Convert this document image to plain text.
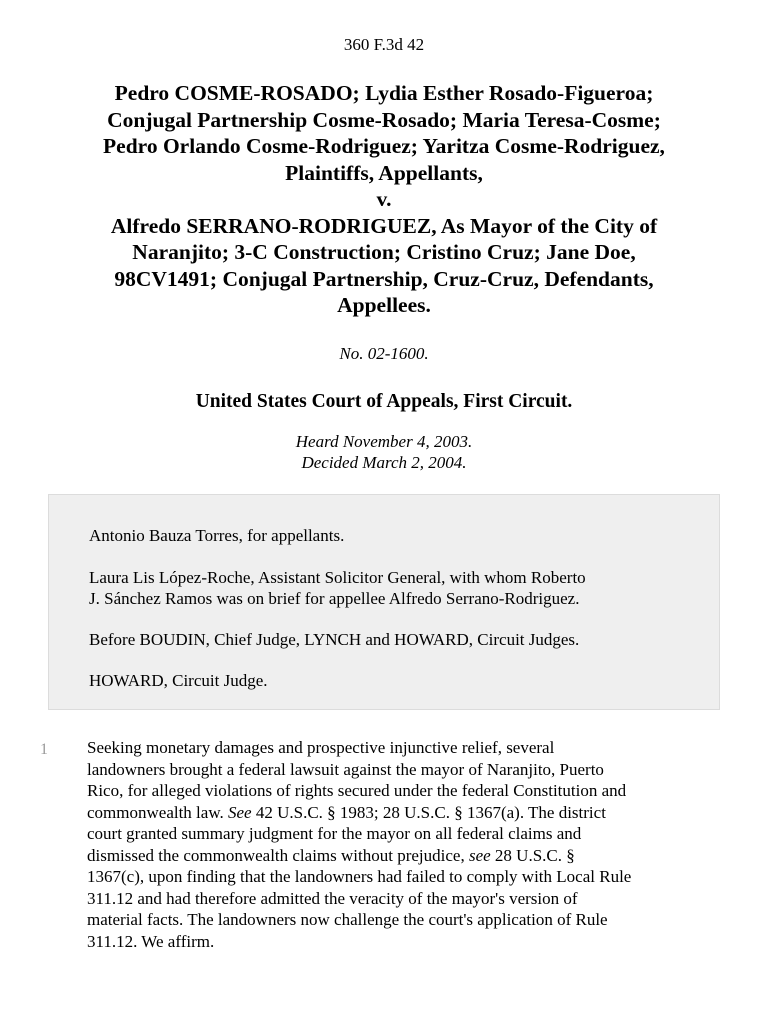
360 F.3d 42
Pedro COSME-ROSADO; Lydia Esther Rosado-Figueroa;
Conjugal Partnership Cosme-Rosado; Maria Teresa-Cosme;
Pedro Orlando Cosme-Rodriguez; Yaritza Cosme-Rodriguez,
Plaintiffs, Appellants,
v.
Alfredo SERRANO-RODRIGUEZ, As Mayor of the City of
Naranjito; 3-C Construction; Cristino Cruz; Jane Doe,
98CV1491; Conjugal Partnership, Cruz-Cruz, Defendants,
Appellees.
No. 02-1600.
United States Court of Appeals, First Circuit.
Heard November 4, 2003.
Decided March 2, 2004.

Antonio Bauza Torres, for appellants.

Laura Lis López-Roche, Assistant Solicitor General, with whom Roberto
J. Sánchez Ramos was on brief for appellee Alfredo Serrano-Rodriguez.

Before BOUDIN, Chief Judge, LYNCH and HOWARD, Circuit Judges.

HOWARD, Circuit Judge.

1	Seeking monetary damages and prospective injunctive relief, several
landowners brought a federal lawsuit against the mayor of Naranjito, Puerto
Rico, for alleged violations of rights secured under the federal Constitution and
commonwealth law. See 42 U.S.C. § 1983; 28 U.S.C. § 1367(a). The district
court granted summary judgment for the mayor on all federal claims and
dismissed the commonwealth claims without prejudice, see 28 U.S.C. §
1367(c), upon finding that the landowners had failed to comply with Local Rule
311.12 and had therefore admitted the veracity of the mayor's version of
material facts. The landowners now challenge the court's application of Rule
311.12. We affirm.
